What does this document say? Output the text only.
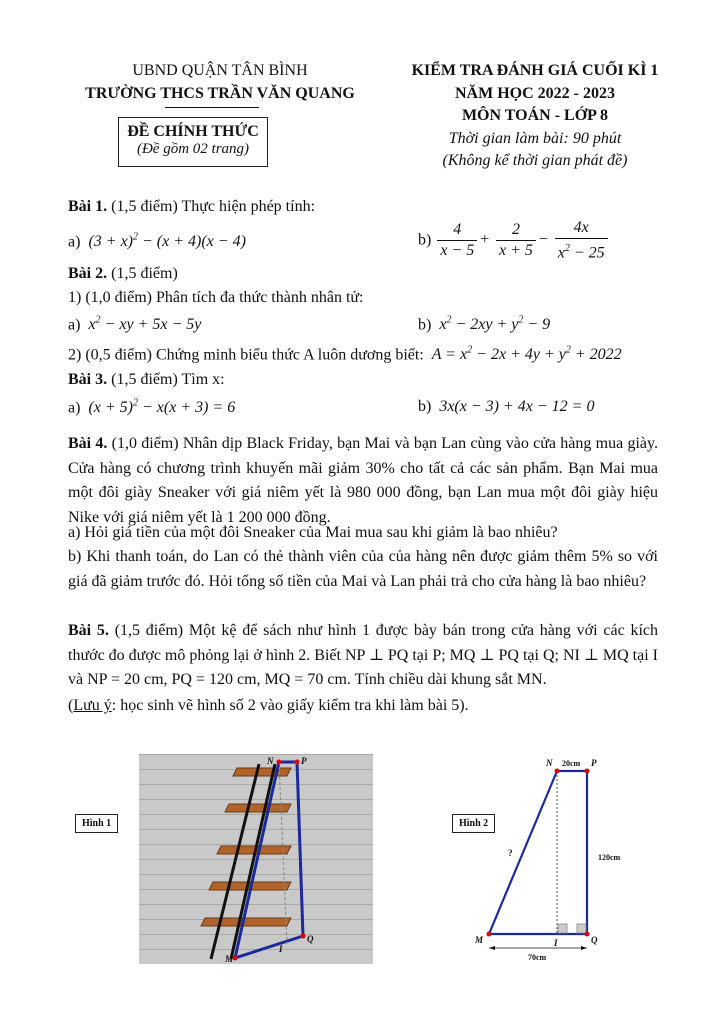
UBND QUẬN TÂN BÌNH
TRƯỜNG THCS TRẦN VĂN QUANG
ĐỀ CHÍNH THỨC
(Đề gồm 02 trang)
KIỂM TRA ĐÁNH GIÁ CUỐI KÌ 1
NĂM HỌC 2022 - 2023
MÔN TOÁN - LỚP 8
Thời gian làm bài: 90 phút
(Không kể thời gian phát đề)
Bài 1. (1,5 điểm) Thực hiện phép tính:
a)  $(3 + x)^2 - (x + 4)(x - 4)$	$b) \frac{4}{x - 5} + \frac{2}{x + 5} - \frac{4x}{x^2 - 25}$
Bài 2. (1,5 điểm)
1) (1,0 điểm) Phân tích đa thức thành nhân tử:
a)  $x^2$ − xy + 5x − 5y	b)  $x^2 - 2xy + y^2 - 9$
2) (0,5 điểm) Chứng minh biểu thức A luôn dương biết:  $A = x^2 - 2x + 4y + y^2 + 2022$
Bài 3. (1,5 điểm) Tìm x:
a)  $(x + 5)^2 - x(x + 3) = 6$	b)  3x(x − 3) + 4x − 12 = 0
Bài 4. (1,0 điểm) Nhân dịp Black Friday, bạn Mai và bạn Lan cùng vào cửa hàng mua giày. Cửa hàng có chương trình khuyến mãi giảm 30% cho tất cả các sản phẩm. Bạn Mai mua một đôi giày Sneaker với giá niêm yết là 980 000 đồng, bạn Lan mua một đôi giày hiệu Nike với giá niêm yết là 1 200 000 đồng.
a) Hỏi giá tiền của một đôi Sneaker của Mai mua sau khi giảm là bao nhiêu?
b) Khi thanh toán, do Lan có thẻ thành viên của của hàng nên được giảm thêm 5% so với giá đã giảm trước đó. Hỏi tổng số tiền của Mai và Lan phải trả cho cửa hàng là bao nhiêu?
Bài 5. (1,5 điểm) Một kệ để sách như hình 1 được bày bán trong cửa hàng với các kích thước đo được mô phỏng lại ở hình 2. Biết NP ⊥ PQ tại P; MQ ⊥ PQ tại Q; NI ⊥ MQ tại I và NP = 20 cm, PQ = 120 cm, MQ = 70 cm. Tính chiều dài khung sắt MN.
(Lưu ý: học sinh vẽ hình số 2 vào giấy kiểm tra khi làm bài 5).
Hình 1
N	P
M
I
Q
Hình 2
N	P
M	I	Q
20cm
120cm
70cm
?
